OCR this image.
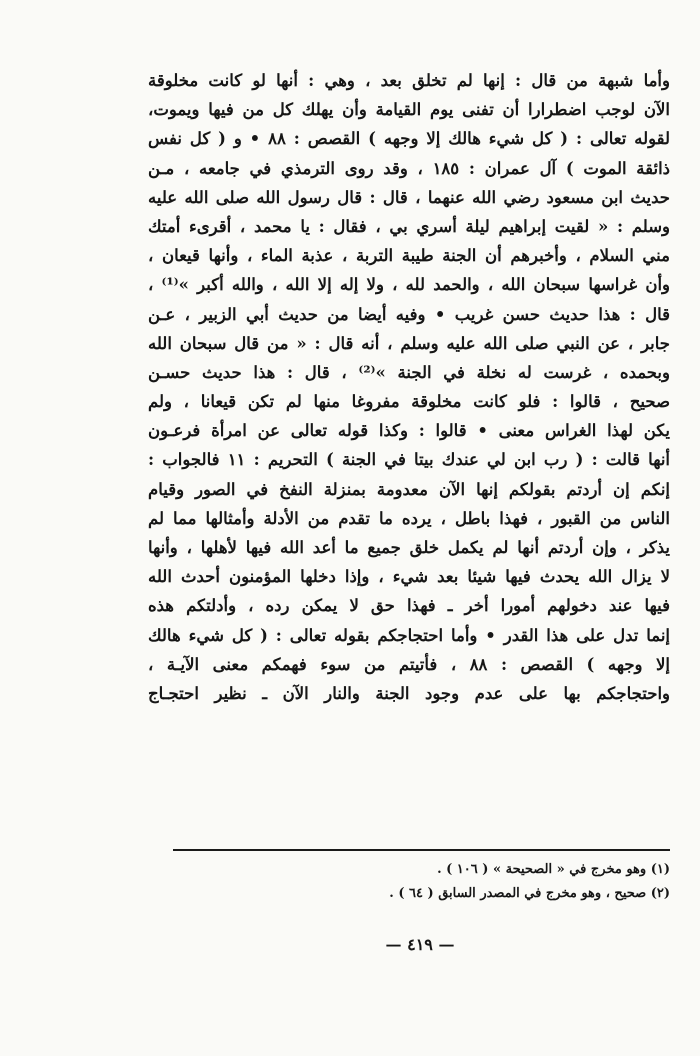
وأما شبهة من قال : إنها لم تخلق بعد ، وهي : أنها لو كانت مخلوقة
الآن لوجب اضطرارا أن تفنى يوم القيامة وأن يهلك كل من فيها ويموت،
لقوله تعالى : ( كل شيء هالك إلا وجهه ) القصص : ٨٨ • و ( كل نفس
ذائقة الموت ) آل عمران : ١٨٥ ، وقد روى الترمذي في جامعه ، مـن
حديث ابن مسعود رضي الله عنهما ، قال : قال رسول الله صلى الله عليه
وسلم : « لقيت إبراهيم ليلة أسري بي ، فقال : يا محمد ، أقرىء أمتك
مني السلام ، وأخبرهم أن الجنة طيبة التربة ، عذبة الماء ، وأنها قيعان ،
وأن غراسها سبحان الله ، والحمد لله ، ولا إله إلا الله ، والله أكبر »⁽¹⁾ ،
قال : هذا حديث حسن غريب • وفيه أيضا من حديث أبي الزبير ، عـن
جابر ، عن النبي صلى الله عليه وسلم ، أنه قال : « من قال سبحان الله
وبحمده ، غرست له نخلة في الجنة »⁽²⁾ ، قال : هذا حديث حسـن
صحيح ، قالوا : فلو كانت مخلوقة مفروغا منها لم تكن قيعانا ، ولم
يكن لهذا الغراس معنى • قالوا : وكذا قوله تعالى عن امرأة فرعـون
أنها قالت : ( رب ابن لي عندك بيتا في الجنة ) التحريم : ١١ فالجواب :
إنكم إن أردتم بقولكم إنها الآن معدومة بمنزلة النفخ في الصور وقيام
الناس من القبور ، فهذا باطل ، يرده ما تقدم من الأدلة وأمثالها مما لم
يذكر ، وإن أردتم أنها لم يكمل خلق جميع ما أعد الله فيها لأهلها ، وأنها
لا يزال الله يحدث فيها شيئا بعد شيء ، وإذا دخلها المؤمنون أحدث الله
فيها عند دخولهم أمورا أخر ـ فهذا حق لا يمكن رده ، وأدلتكم هذه
إنما تدل على هذا القدر • وأما احتجاجكم بقوله تعالى : ( كل شيء هالك
إلا وجهه ) القصص : ٨٨ ، فأتيتم من سوء فهمكم معنى الآيـة ،
واحتجاجكم بها على عدم وجود الجنة والنار الآن ـ نظير احتجـاج
(١) وهو مخرج في « الصحيحة » ( ١٠٦ ) .
(٢) صحيح ، وهو مخرج في المصدر السابق ( ٦٤ ) .
— ٤١٩ —
